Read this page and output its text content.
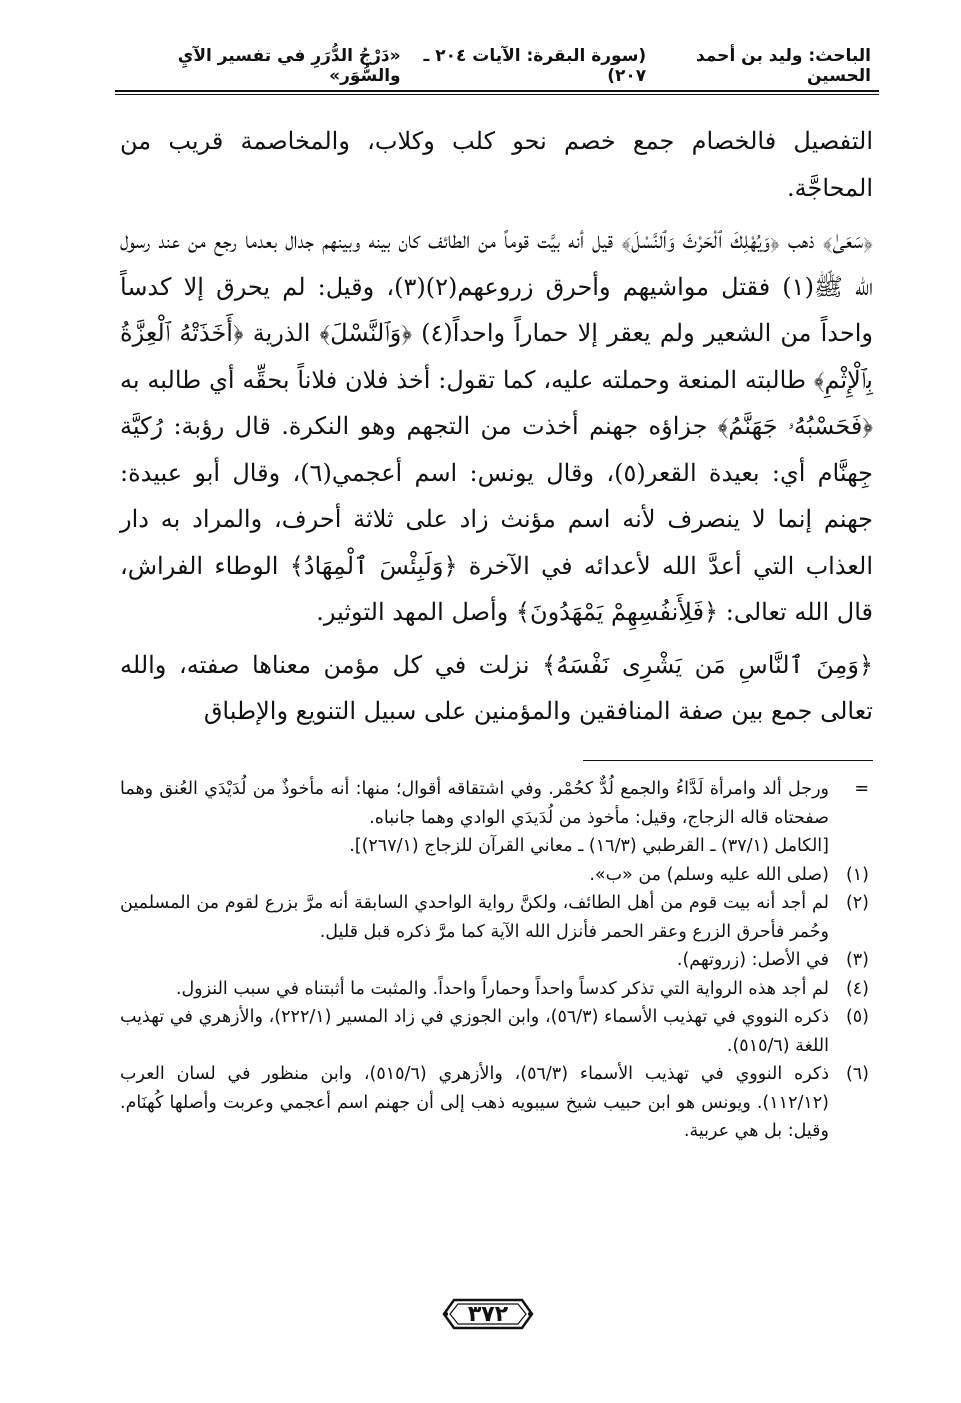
الباحث: وليد بن أحمد الحسين
(سورة البقرة: الآيات ٢٠٤ ـ ٢٠٧)
«دَرْجُ الدُّرَرِ في تفسير الآيِ والسُّوَر»

التفصيل فالخصام جمع خصم نحو كلب وكلاب، والمخاصمة قريب من المحاجَّة.

﴿سَعَىٰ﴾ ذهب ﴿وَيُهْلِكَ ٱلْحَرْثَ وَٱلنَّسْلَ﴾ قيل أنه بيَّت قوماً من الطائف كان بينه وبينهم جدال بعدما رجع من عند رسول الله ﷺ(١) فقتل مواشيهم وأحرق زروعهم(٢)(٣)، وقيل: لم يحرق إلا كدساً واحداً من الشعير ولم يعقر إلا حماراً واحداً(٤) ﴿وَٱلنَّسْلَ﴾ الذرية ﴿أَخَذَتْهُ ٱلْعِزَّةُ بِٱلْإِثْمِ﴾ طالبته المنعة وحملته عليه، كما تقول: أخذ فلان فلاناً بحقِّه أي طالبه به ﴿فَحَسْبُهُۥ جَهَنَّمُ﴾ جزاؤه جهنم أخذت من التجهم وهو النكرة. قال رؤبة: رُكيَّة جِهنَّام أي: بعيدة القعر(٥)، وقال يونس: اسم أعجمي(٦)، وقال أبو عبيدة: جهنم إنما لا ينصرف لأنه اسم مؤنث زاد على ثلاثة أحرف، والمراد به دار العذاب التي أعدَّ الله لأعدائه في الآخرة ﴿وَلَبِئْسَ ٱلْمِهَادُ﴾ الوطاء الفراش، قال الله تعالى: ﴿فَلِأَنفُسِهِمْ يَمْهَدُونَ﴾ وأصل المهد التوثير.

﴿وَمِنَ ٱلنَّاسِ مَن يَشْرِى نَفْسَهُ﴾ نزلت في كل مؤمن معناها صفته، والله تعالى جمع بين صفة المنافقين والمؤمنين على سبيل التنويع والإطباق

=
ورجل ألد وامرأة لَدَّاءُ والجمع لُدٌّ كحُمْر. وفي اشتقاقه أقوال؛ منها: أنه مأخوذٌ من لُدَيْدَي العُنق وهما صفحتاه قاله الزجاج، وقيل: مأخوذ من لُدَيدَي الوادي وهما جانباه.
[الكامل (٣٧/١) ـ القرطبي (١٦/٣) ـ معاني القرآن للزجاج (٢٦٧/١)].
(١)
(صلى الله عليه وسلم) من «ب».
(٢)
لم أجد أنه بيت قوم من أهل الطائف، ولكنَّ رواية الواحدي السابقة أنه مرَّ بزرع لقوم من المسلمين وحُمر فأحرق الزرع وعقر الحمر فأنزل الله الآية كما مرَّ ذكره قبل قليل.
(٣)
في الأصل: (زروتهم).
(٤)
لم أجد هذه الرواية التي تذكر كدساً واحداً وحماراً واحداً. والمثبت ما أثبتناه في سبب النزول.
(٥)
ذكره النووي في تهذيب الأسماء (٥٦/٣)، وابن الجوزي في زاد المسير (٢٢٢/١)، والأزهري في تهذيب اللغة (٥١٥/٦).
(٦)
ذكره النووي في تهذيب الأسماء (٥٦/٣)، والأزهري (٥١٥/٦)، وابن منظور في لسان العرب (١١٢/١٢). ويونس هو ابن حبيب شيخ سيبويه ذهب إلى أن جهنم اسم أعجمي وعربت وأصلها كُهنَام. وقيل: بل هي عربية.
٣٧٢
